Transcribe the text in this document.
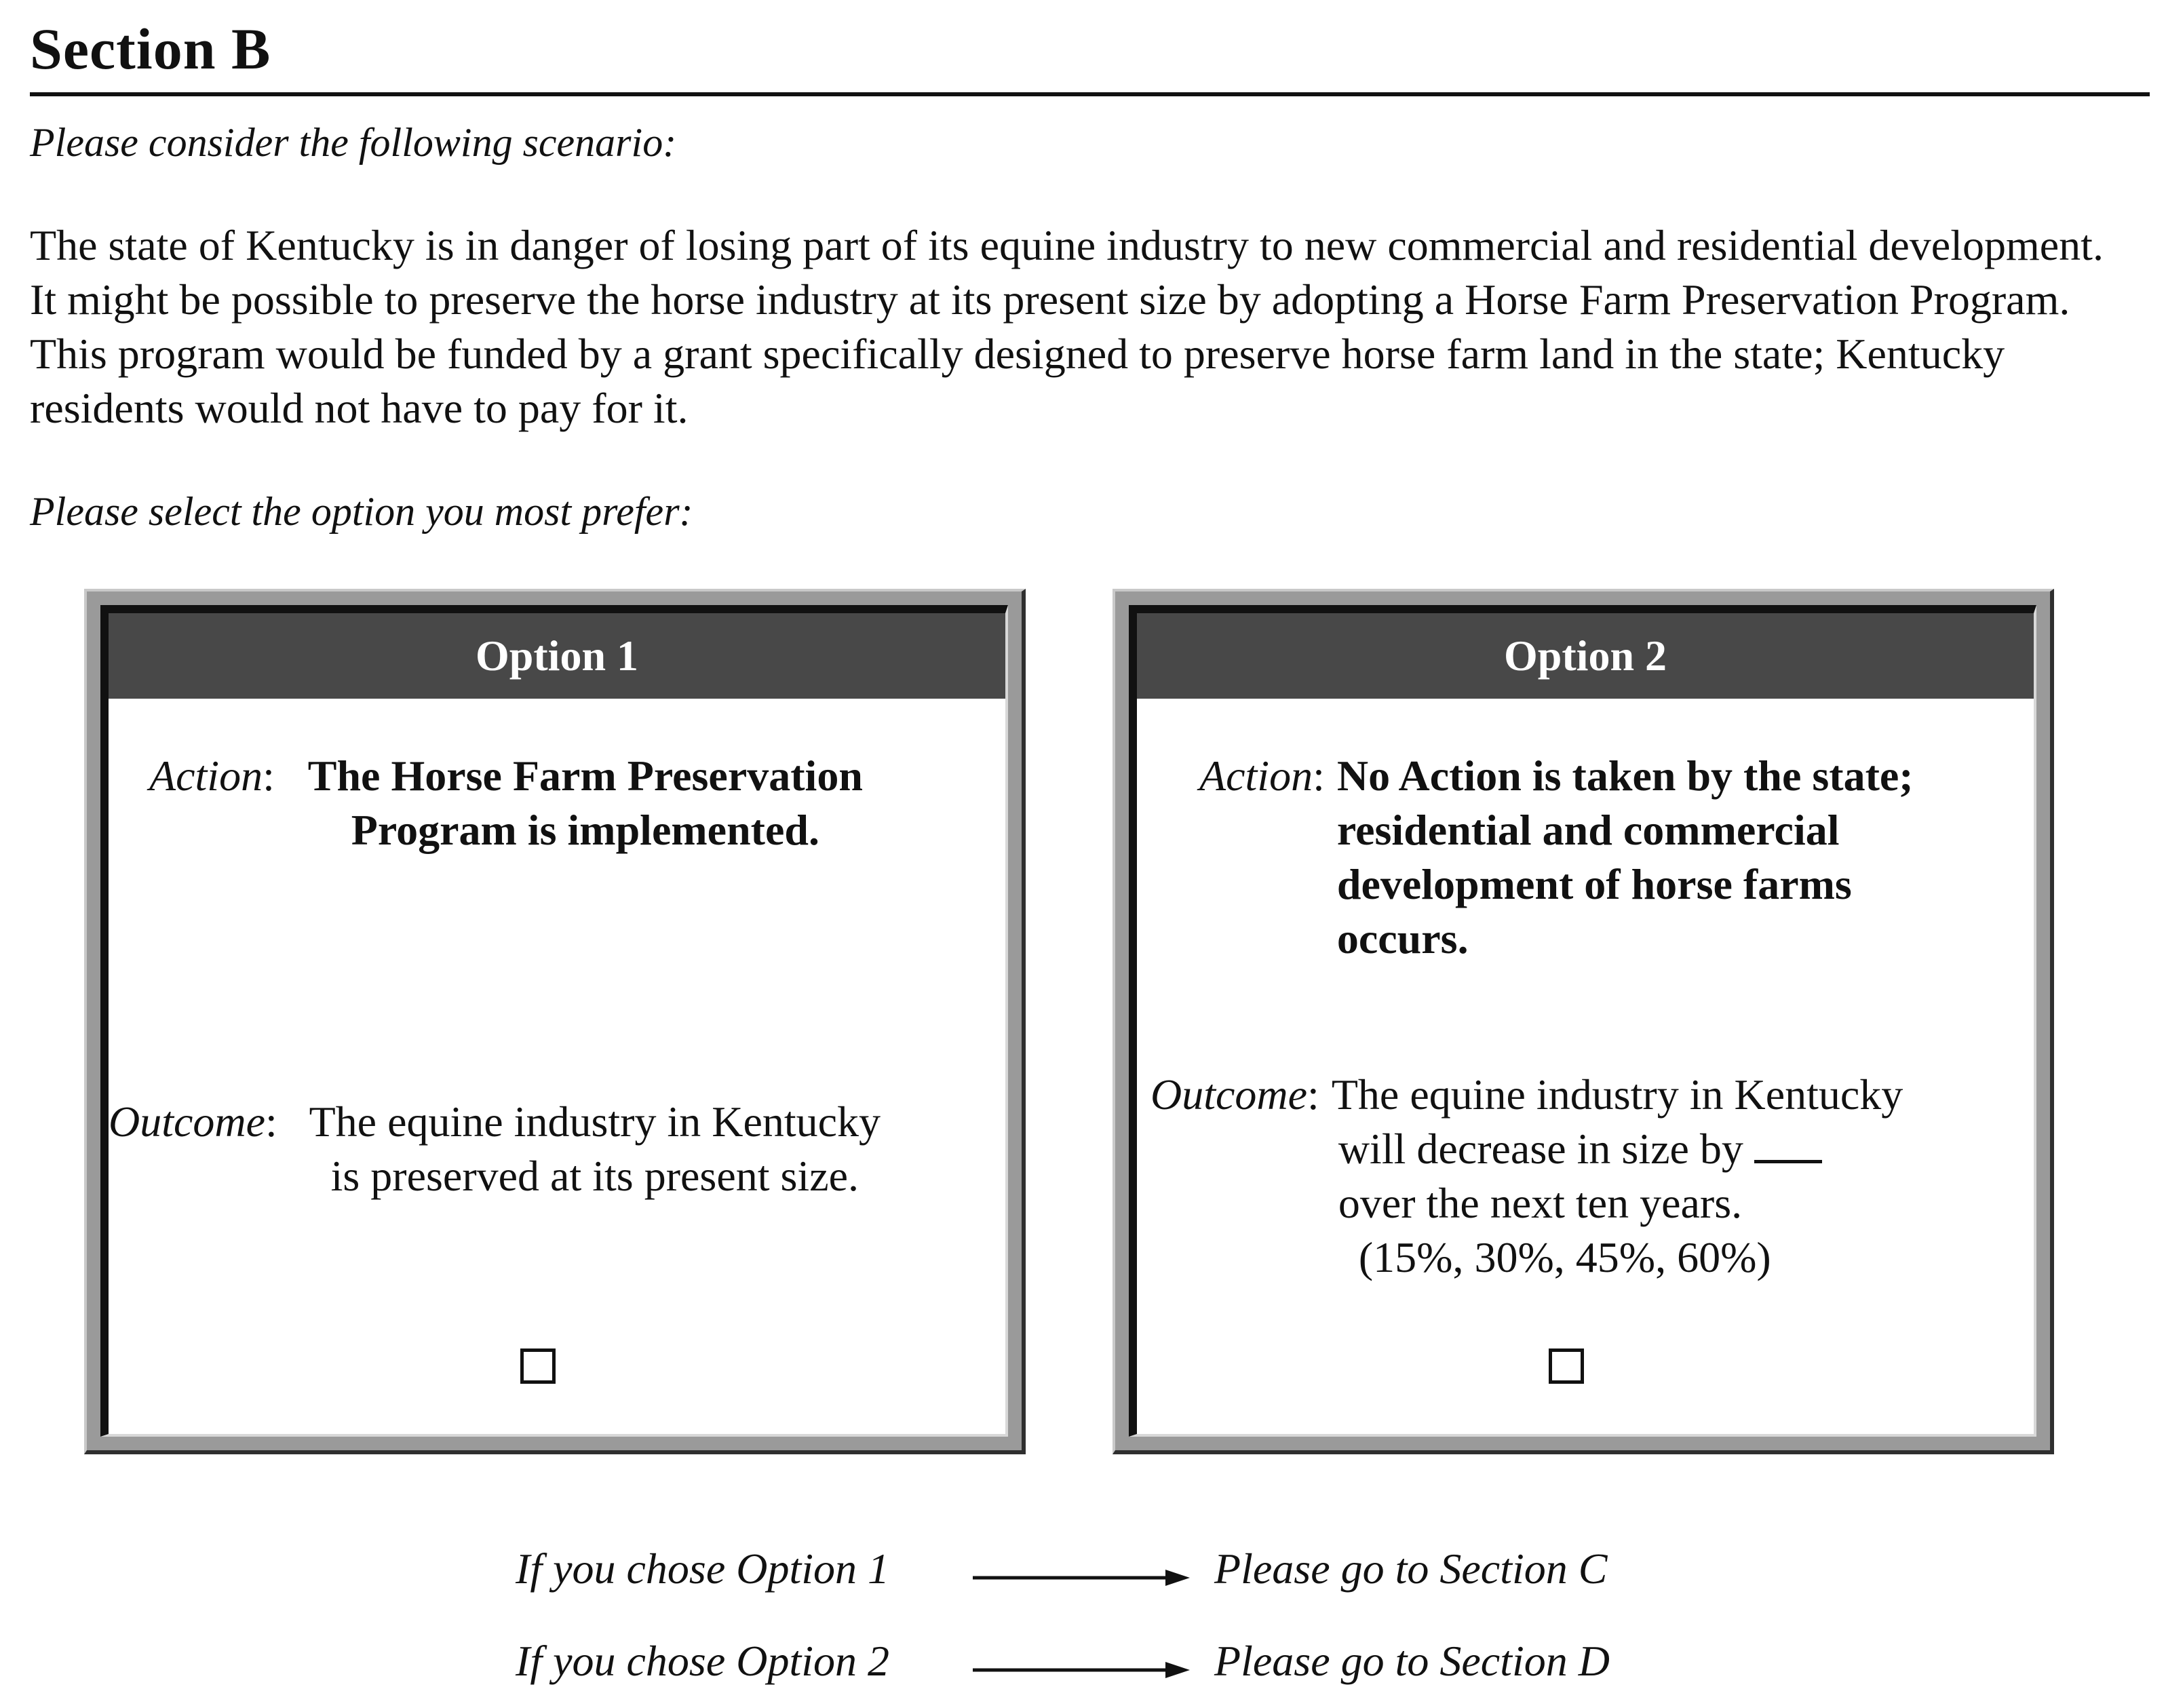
Section B
Please consider the following scenario:
The state of Kentucky is in danger of losing part of its equine industry to new commercial and residential development. It might be possible to preserve the horse industry at its present size by adopting a Horse Farm Preservation Program. This program would be funded by a grant specifically designed to preserve horse farm land in the state; Kentucky residents would not have to pay for it.
Please select the option you most prefer:
Option 1
Action : The Horse Farm Preservation
Program is implemented.
Outcome : The equine industry in Kentucky
is preserved at its present size.
Option 2
Action : No Action is taken by the state;
residential and commercial
development of horse farms
occurs.
Outcome : The equine industry in Kentucky
will decrease in size by
over the next ten years.
(15%, 30%, 45%, 60%)
If you chose Option 1	Please go to Section C
If you chose Option 2	Please go to Section D
